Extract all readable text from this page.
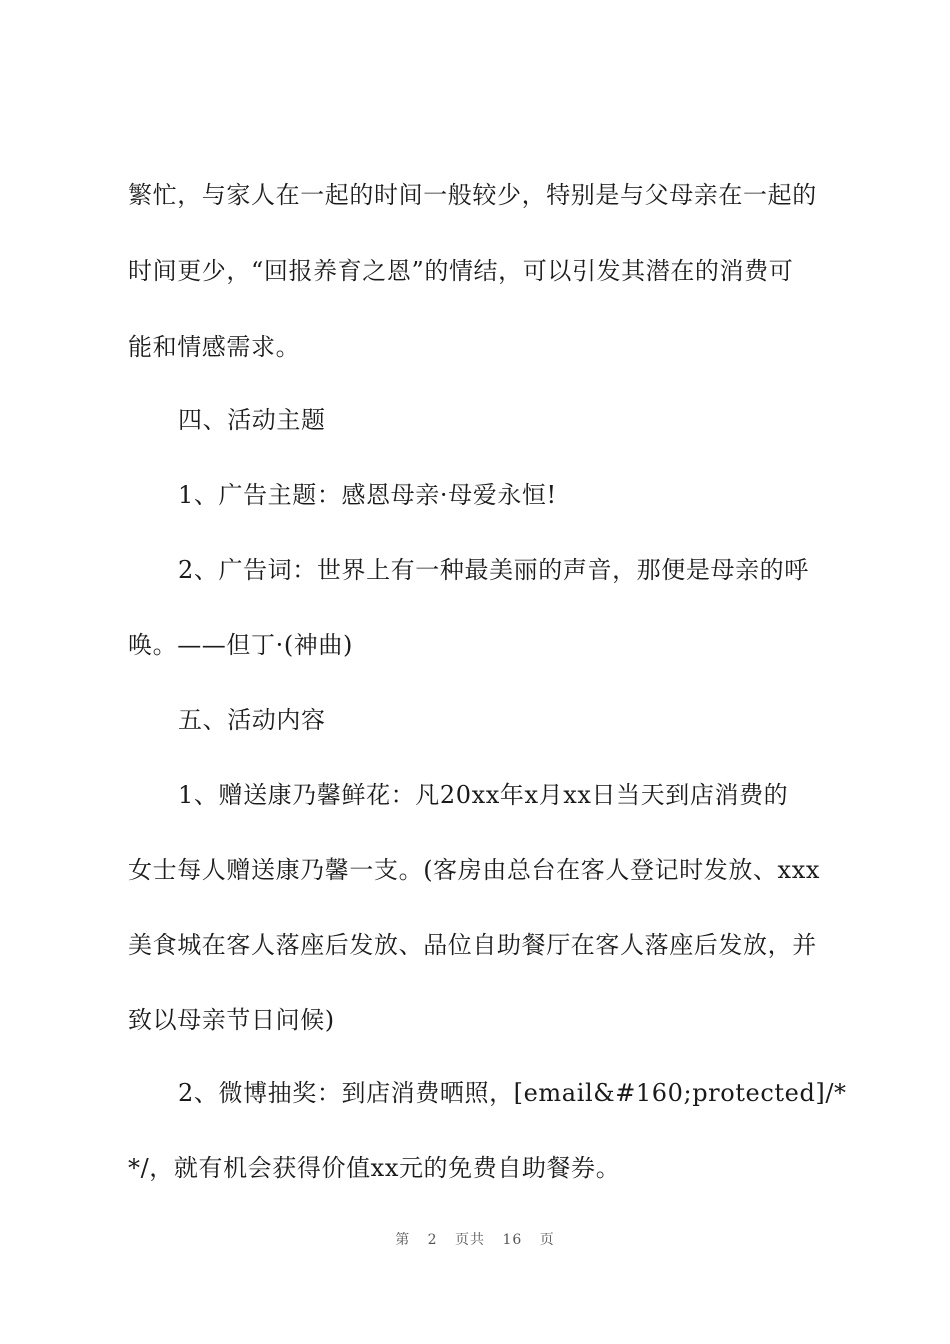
繁忙，与家人在一起的时间一般较少，特别是与父母亲在一起的
时间更少，“回报养育之恩”的情结，可以引发其潜在的消费可
能和情感需求。
四、活动主题
1、广告主题：感恩母亲·母爱永恒!
2、广告词：世界上有一种最美丽的声音，那便是母亲的呼
唤。——但丁·(神曲)
五、活动内容
1、赠送康乃馨鲜花：凡20xx年x月xx日当天到店消费的
女士每人赠送康乃馨一支。(客房由总台在客人登记时发放、xxx
美食城在客人落座后发放、品位自助餐厅在客人落座后发放，并
致以母亲节日问候)
2、微博抽奖：到店消费晒照，[email&#160;protected]/*
*/，就有机会获得价值xx元的免费自助餐券。
第 2 页共 16 页
